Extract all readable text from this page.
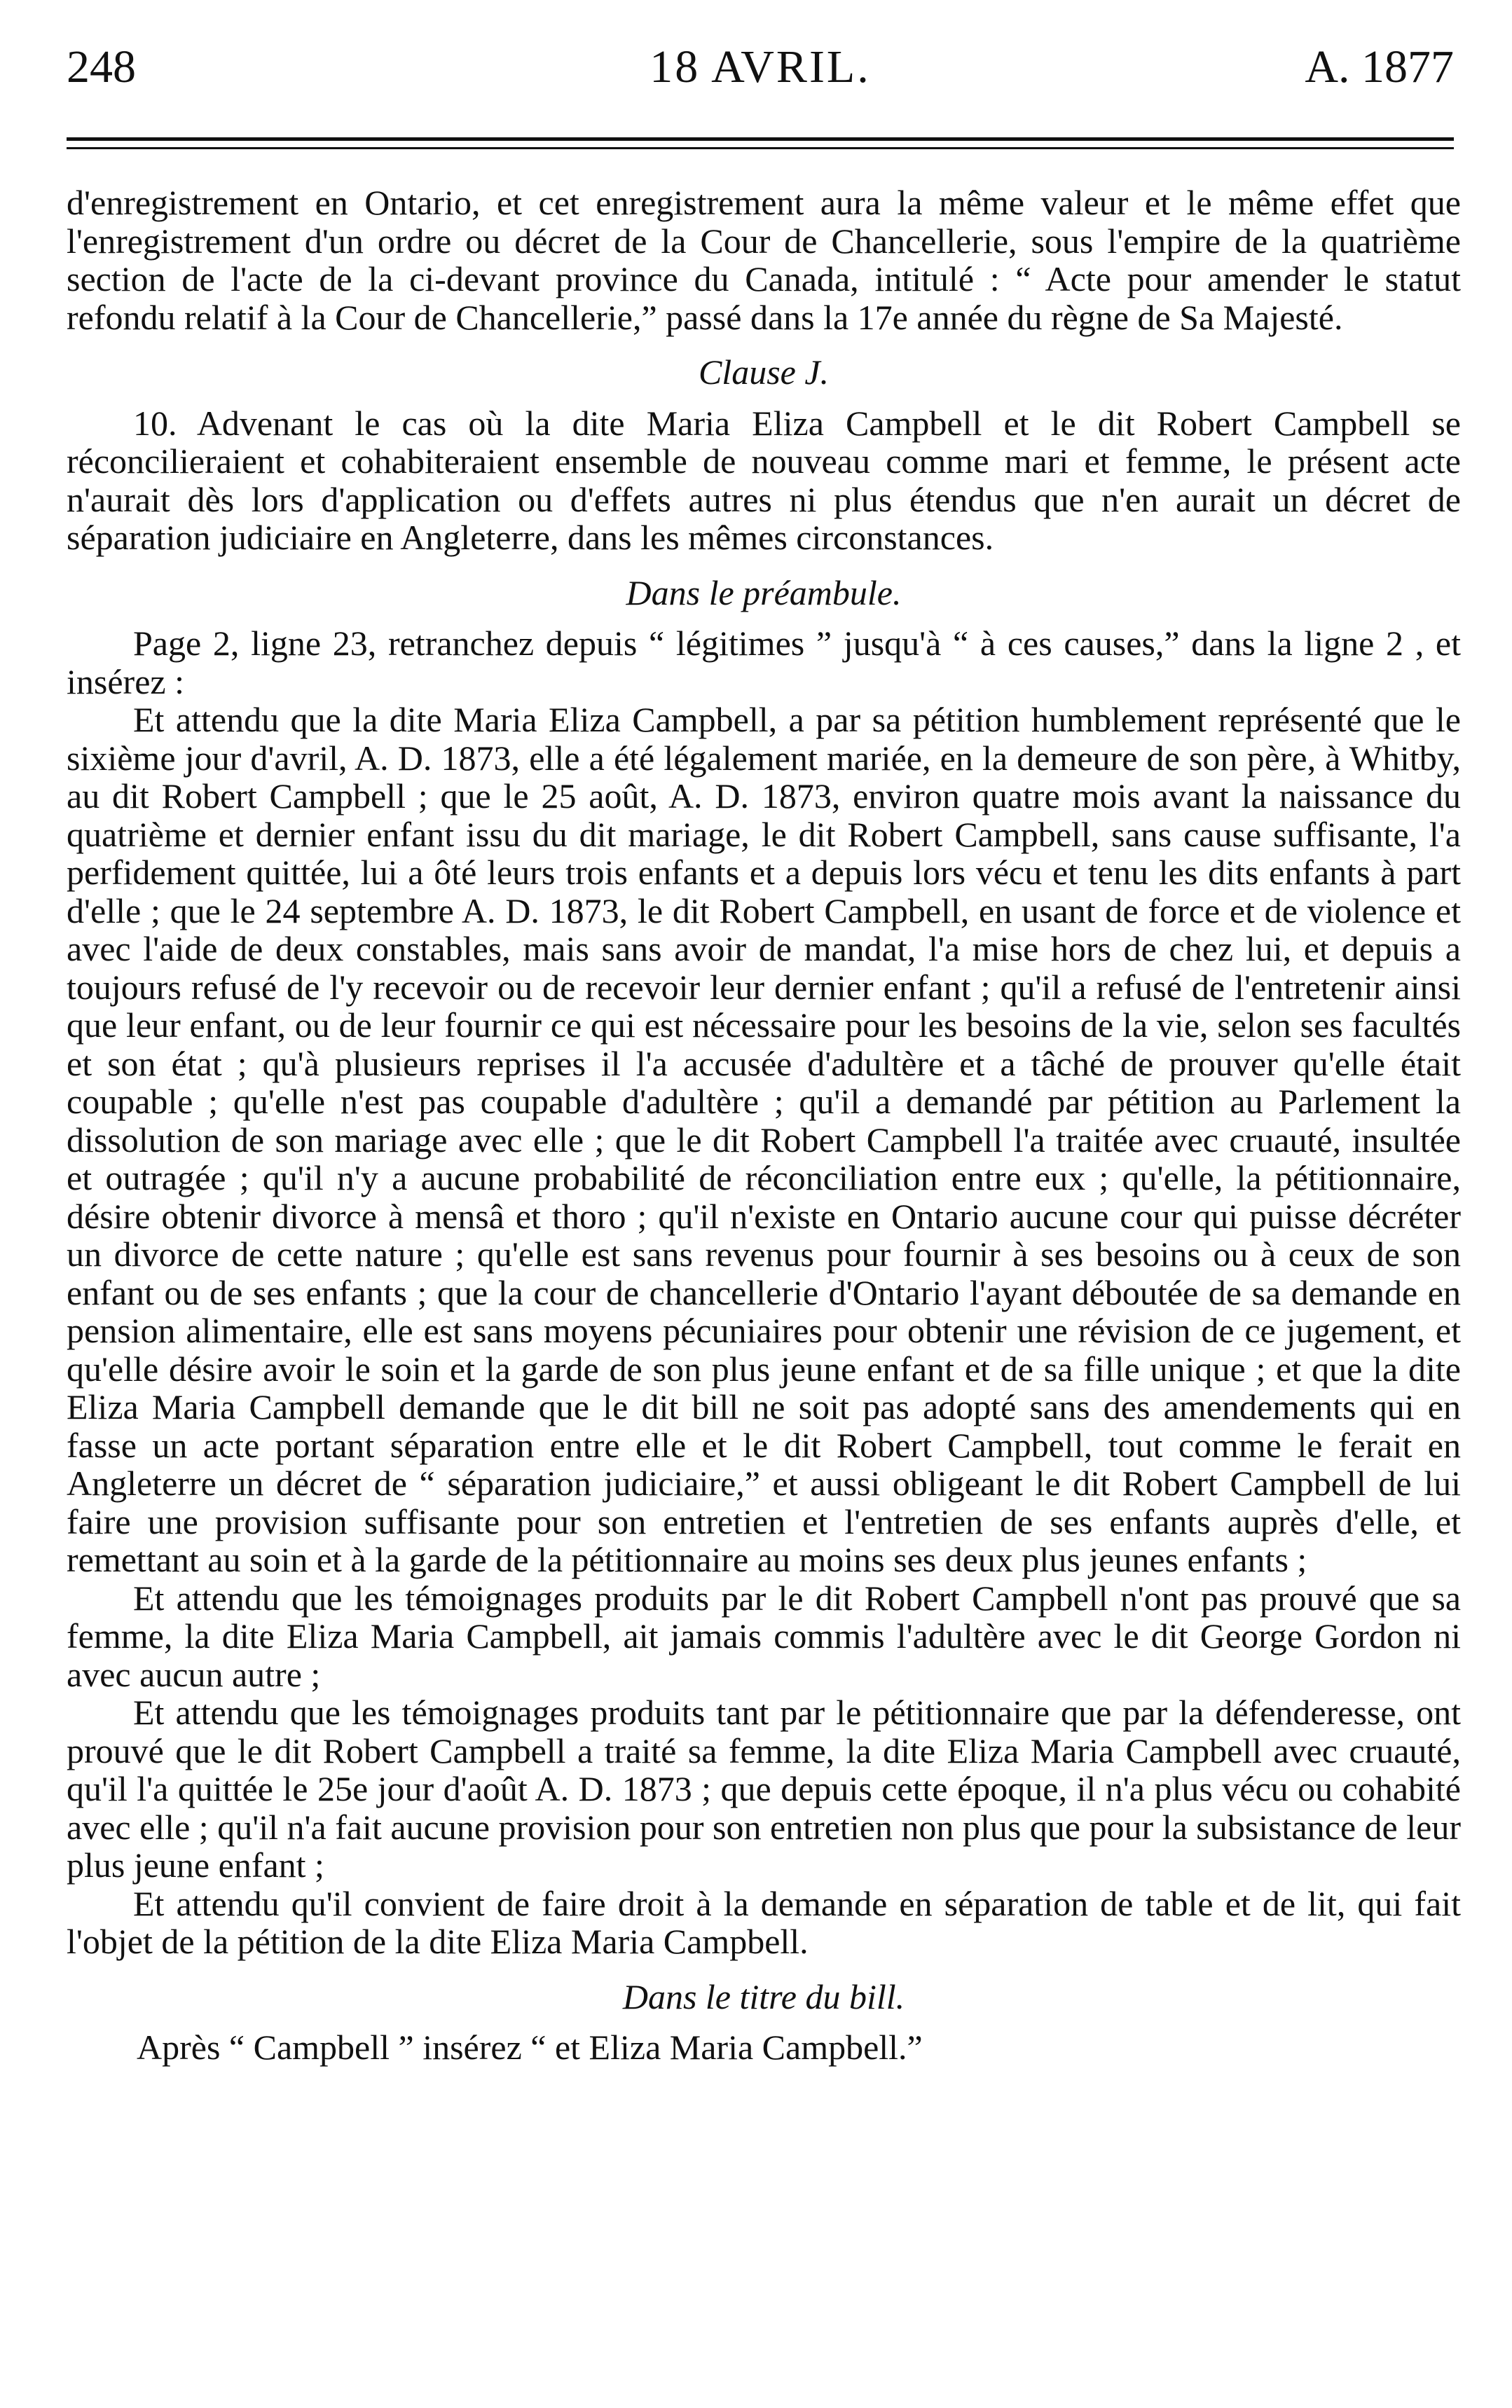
248	18 AVRIL.	A. 1877

d'enregistrement en Ontario, et cet enregistrement aura la même valeur et le même effet que l'enregistrement d'un ordre ou décret de la Cour de Chancellerie, sous l'empire de la quatrième section de l'acte de la ci-devant province du Canada, intitulé : “ Acte pour amender le statut refondu relatif à la Cour de Chancellerie,” passé dans la 17e année du règne de Sa Majesté.

Clause J.

10. Advenant le cas où la dite Maria Eliza Campbell et le dit Robert Campbell se réconcilieraient et cohabiteraient ensemble de nouveau comme mari et femme, le présent acte n'aurait dès lors d'application ou d'effets autres ni plus étendus que n'en aurait un décret de séparation judiciaire en Angleterre, dans les mêmes circonstances.

Dans le préambule.

Page 2, ligne 23, retranchez depuis “ légitimes ” jusqu'à “ à ces causes,” dans la ligne 2 , et insérez :

Et attendu que la dite Maria Eliza Campbell, a par sa pétition humblement représenté que le sixième jour d'avril, A. D. 1873, elle a été légalement mariée, en la demeure de son père, à Whitby, au dit Robert Campbell ; que le 25 août, A. D. 1873, environ quatre mois avant la naissance du quatrième et dernier enfant issu du dit mariage, le dit Robert Campbell, sans cause suffisante, l'a perfidement quittée, lui a ôté leurs trois enfants et a depuis lors vécu et tenu les dits enfants à part d'elle ; que le 24 septembre A. D. 1873, le dit Robert Campbell, en usant de force et de violence et avec l'aide de deux constables, mais sans avoir de mandat, l'a mise hors de chez lui, et depuis a toujours refusé de l'y recevoir ou de recevoir leur dernier enfant ; qu'il a refusé de l'entretenir ainsi que leur enfant, ou de leur fournir ce qui est nécessaire pour les besoins de la vie, selon ses facultés et son état ; qu'à plusieurs reprises il l'a accusée d'adultère et a tâché de prouver qu'elle était coupable ; qu'elle n'est pas coupable d'adultère ; qu'il a demandé par pétition au Parlement la dissolution de son mariage avec elle ; que le dit Robert Campbell l'a traitée avec cruauté, insultée et outragée ; qu'il n'y a aucune probabilité de réconciliation entre eux ; qu'elle, la pétitionnaire, désire obtenir divorce à mensâ et thoro ; qu'il n'existe en Ontario aucune cour qui puisse décréter un divorce de cette nature ; qu'elle est sans revenus pour fournir à ses besoins ou à ceux de son enfant ou de ses enfants ; que la cour de chancellerie d'Ontario l'ayant déboutée de sa demande en pension alimentaire, elle est sans moyens pécuniaires pour obtenir une révision de ce jugement, et qu'elle désire avoir le soin et la garde de son plus jeune enfant et de sa fille unique ; et que la dite Eliza Maria Campbell demande que le dit bill ne soit pas adopté sans des amendements qui en fasse un acte portant séparation entre elle et le dit Robert Campbell, tout comme le ferait en Angleterre un décret de “ séparation judiciaire,” et aussi obligeant le dit Robert Campbell de lui faire une provision suffisante pour son entretien et l'entretien de ses enfants auprès d'elle, et remettant au soin et à la garde de la pétitionnaire au moins ses deux plus jeunes enfants ;

Et attendu que les témoignages produits par le dit Robert Campbell n'ont pas prouvé que sa femme, la dite Eliza Maria Campbell, ait jamais commis l'adultère avec le dit George Gordon ni avec aucun autre ;

Et attendu que les témoignages produits tant par le pétitionnaire que par la défenderesse, ont prouvé que le dit Robert Campbell a traité sa femme, la dite Eliza Maria Campbell avec cruauté, qu'il l'a quittée le 25e jour d'août A. D. 1873 ; que depuis cette époque, il n'a plus vécu ou cohabité avec elle ; qu'il n'a fait aucune provision pour son entretien non plus que pour la subsistance de leur plus jeune enfant ;

Et attendu qu'il convient de faire droit à la demande en séparation de table et de lit, qui fait l'objet de la pétition de la dite Eliza Maria Campbell.

Dans le titre du bill.

Après “ Campbell ” insérez “ et Eliza Maria Campbell.”
